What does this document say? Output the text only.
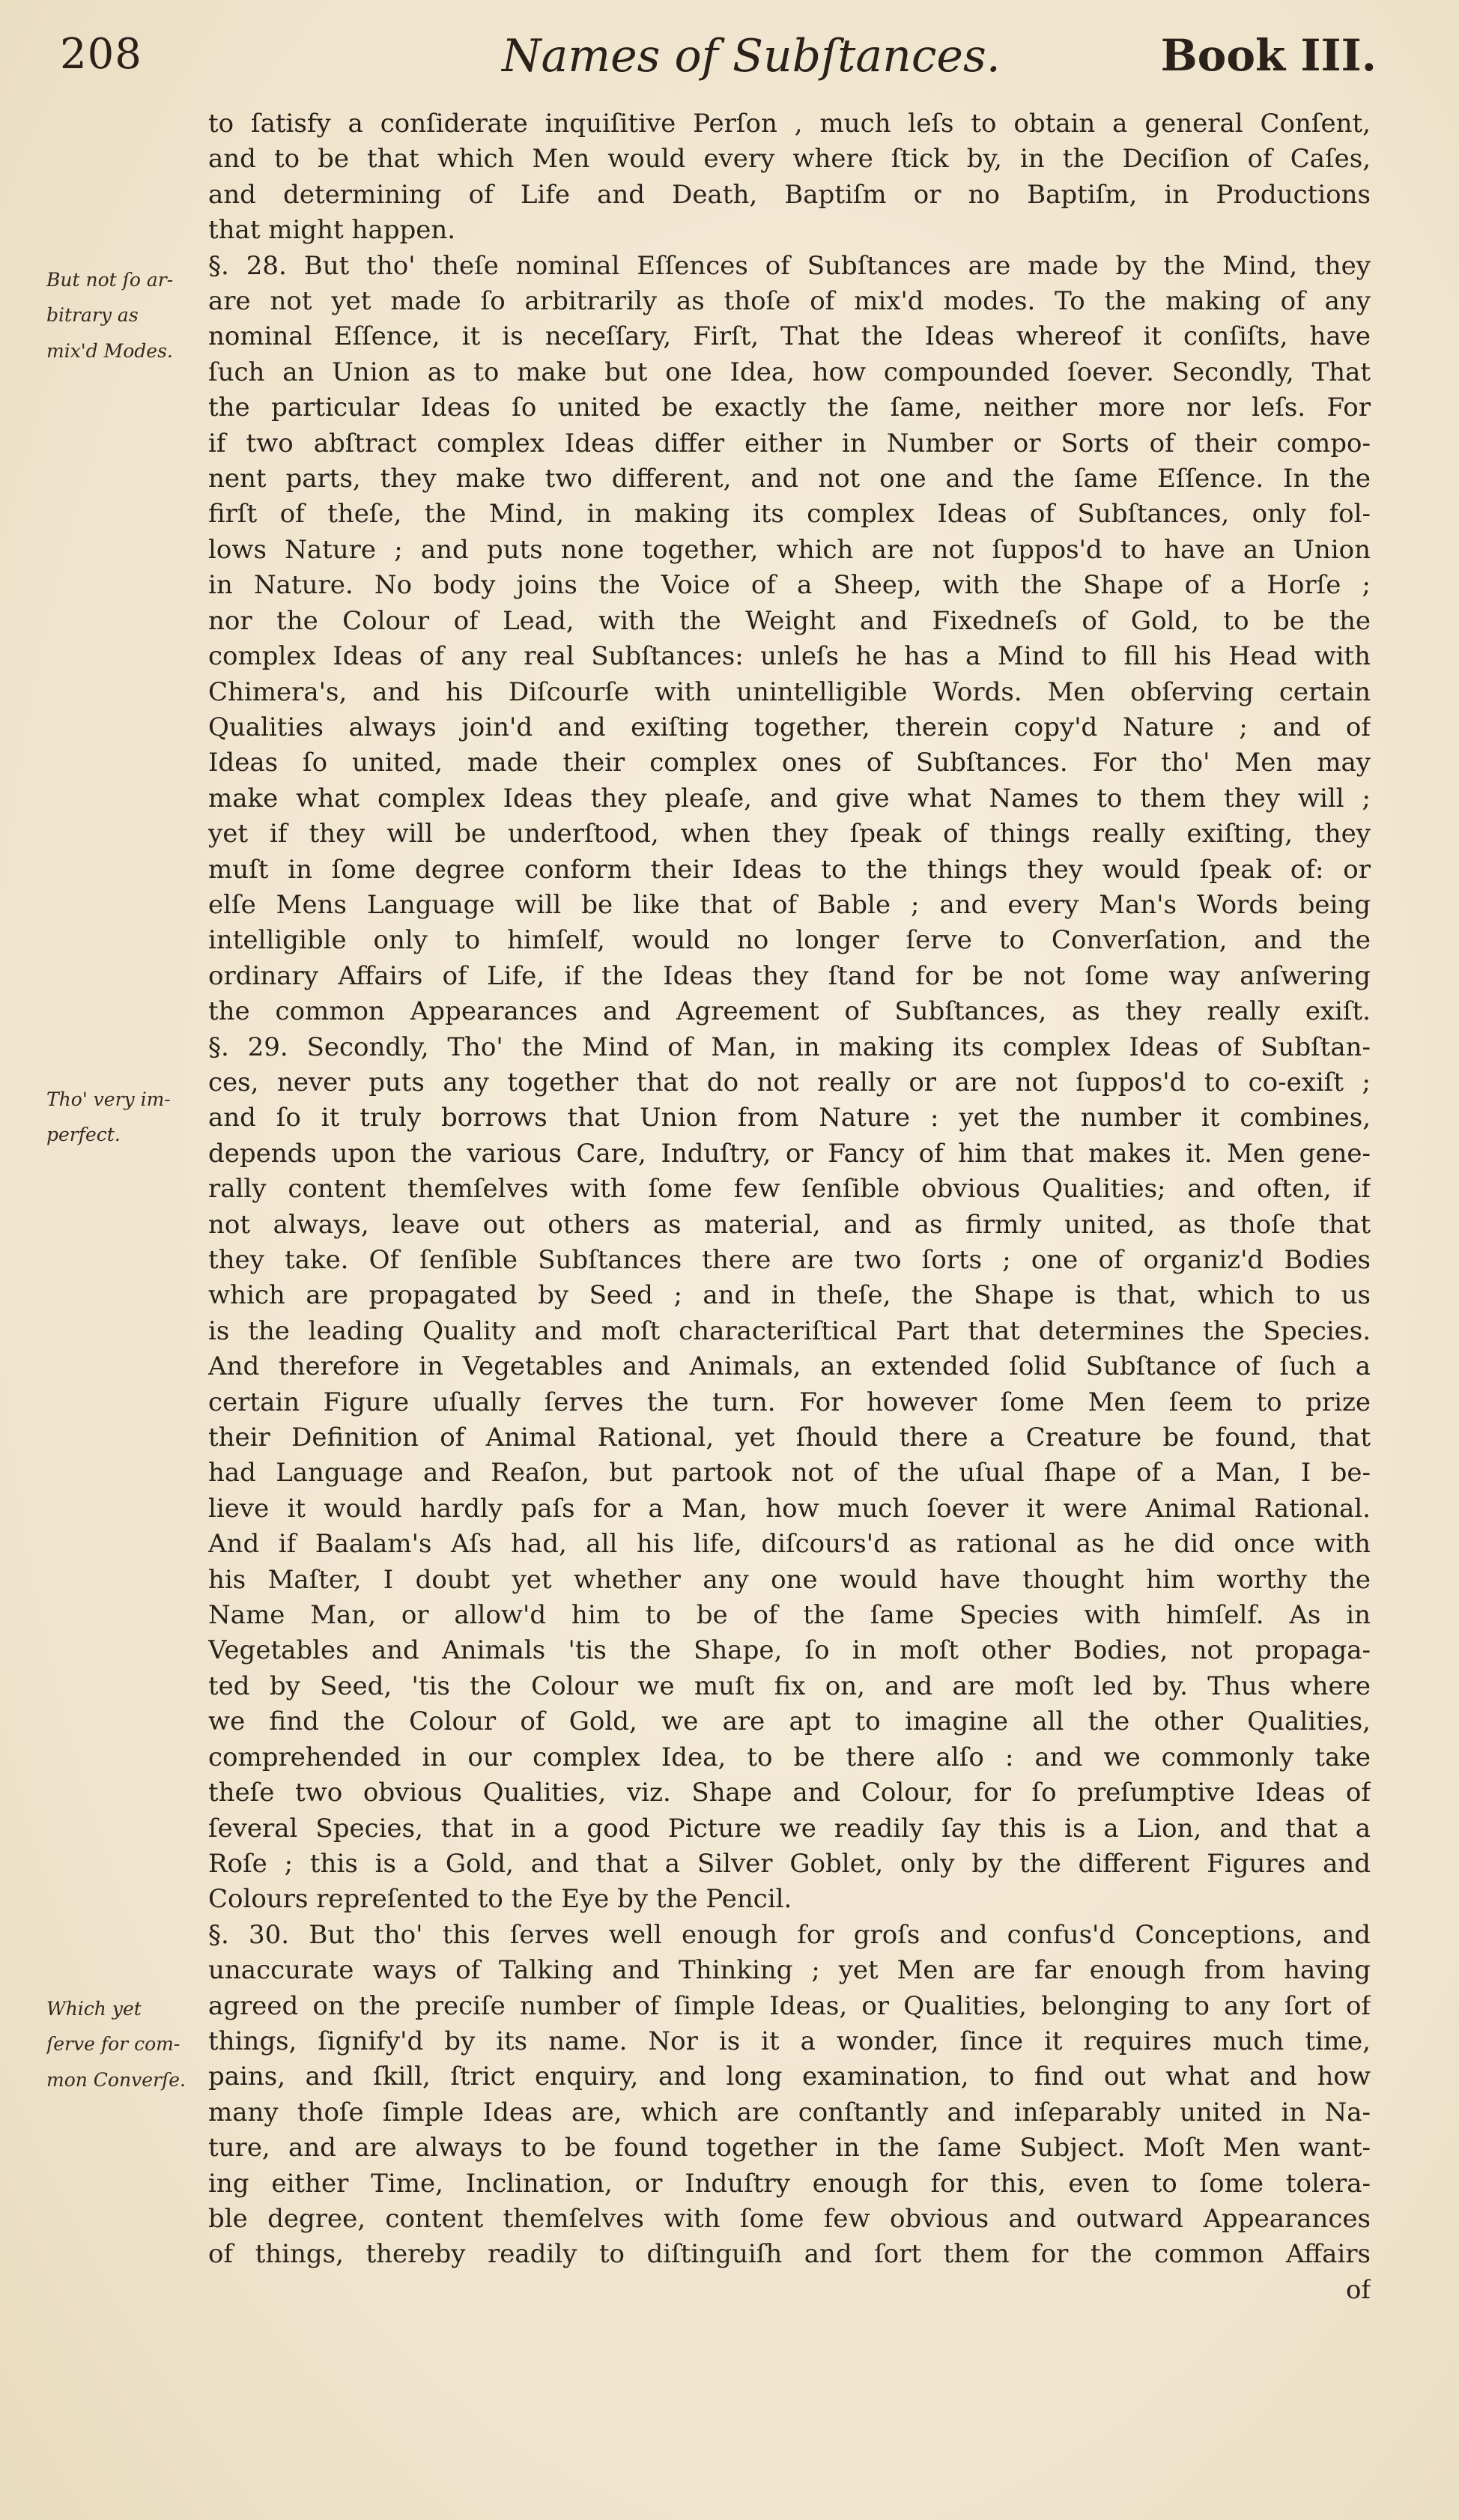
208	Names of Subſtances.	Book III.
But not ſo ar-
bitrary as
mix'd Modes.
Tho' very im-
perfect.
Which yet
ſerve for com-
mon Converſe.
to ſatisfy a conſiderate inquiſitive Perſon , much leſs to obtain a general Conſent,
and to be that which Men would every where ſtick by, in the Deciſion of Caſes,
and determining of Life and Death, Baptiſm or no Baptiſm, in Productions
that might happen.
§. 28. But tho' theſe nominal Eſſences of Subſtances are made by the Mind, they
are not yet made ſo arbitrarily as thoſe of mix'd modes. To the making of any
nominal Eſſence, it is neceſſary, Firſt, That the Ideas whereof it conſiſts, have
ſuch an Union as to make but one Idea, how compounded ſoever. Secondly, That
the particular Ideas ſo united be exactly the ſame, neither more nor leſs. For
if two abſtract complex Ideas differ either in Number or Sorts of their compo-
nent parts, they make two different, and not one and the ſame Eſſence. In the
firſt of theſe, the Mind, in making its complex Ideas of Subſtances, only fol-
lows Nature ; and puts none together, which are not ſuppos'd to have an Union
in Nature. No body joins the Voice of a Sheep, with the Shape of a Horſe ;
nor the Colour of Lead, with the Weight and Fixedneſs of Gold, to be the
complex Ideas of any real Subſtances: unleſs he has a Mind to fill his Head with
Chimera's, and his Diſcourſe with unintelligible Words. Men obſerving certain
Qualities always join'd and exiſting together, therein copy'd Nature ; and of
Ideas ſo united, made their complex ones of Subſtances. For tho' Men may
make what complex Ideas they pleaſe, and give what Names to them they will ;
yet if they will be underſtood, when they ſpeak of things really exiſting, they
muſt in ſome degree conform their Ideas to the things they would ſpeak of: or
elſe Mens Language will be like that of Bable ; and every Man's Words being
intelligible only to himſelf, would no longer ſerve to Converſation, and the
ordinary Affairs of Life, if the Ideas they ſtand for be not ſome way anſwering
the common Appearances and Agreement of Subſtances, as they really exiſt.
§. 29. Secondly, Tho' the Mind of Man, in making its complex Ideas of Subſtan-
ces, never puts any together that do not really or are not ſuppos'd to co-exiſt ;
and ſo it truly borrows that Union from Nature : yet the number it combines,
depends upon the various Care, Induſtry, or Fancy of him that makes it. Men gene-
rally content themſelves with ſome few ſenſible obvious Qualities; and often, if
not always, leave out others as material, and as firmly united, as thoſe that
they take. Of ſenſible Subſtances there are two ſorts ; one of organiz'd Bodies
which are propagated by Seed ; and in theſe, the Shape is that, which to us
is the leading Quality and moſt characteriſtical Part that determines the Species.
And therefore in Vegetables and Animals, an extended ſolid Subſtance of ſuch a
certain Figure uſually ſerves the turn. For however ſome Men ſeem to prize
their Definition of Animal Rational, yet ſhould there a Creature be found, that
had Language and Reaſon, but partook not of the uſual ſhape of a Man, I be-
lieve it would hardly paſs for a Man, how much ſoever it were Animal Rational.
And if Baalam's Aſs had, all his life, diſcours'd as rational as he did once with
his Maſter, I doubt yet whether any one would have thought him worthy the
Name Man, or allow'd him to be of the ſame Species with himſelf. As in
Vegetables and Animals 'tis the Shape, ſo in moſt other Bodies, not propaga-
ted by Seed, 'tis the Colour we muſt fix on, and are moſt led by. Thus where
we find the Colour of Gold, we are apt to imagine all the other Qualities,
comprehended in our complex Idea, to be there alſo : and we commonly take
theſe two obvious Qualities, viz. Shape and Colour, for ſo preſumptive Ideas of
ſeveral Species, that in a good Picture we readily ſay this is a Lion, and that a
Roſe ; this is a Gold, and that a Silver Goblet, only by the different Figures and
Colours repreſented to the Eye by the Pencil.
§. 30. But tho' this ſerves well enough for groſs and confus'd Conceptions, and
unaccurate ways of Talking and Thinking ; yet Men are far enough from having
agreed on the preciſe number of ſimple Ideas, or Qualities, belonging to any ſort of
things, ſignify'd by its name. Nor is it a wonder, ſince it requires much time,
pains, and ſkill, ſtrict enquiry, and long examination, to find out what and how
many thoſe ſimple Ideas are, which are conſtantly and inſeparably united in Na-
ture, and are always to be found together in the ſame Subject. Moſt Men want-
ing either Time, Inclination, or Induſtry enough for this, even to ſome tolera-
ble degree, content themſelves with ſome few obvious and outward Appearances
of things, thereby readily to diſtinguiſh and ſort them for the common Affairs
of
